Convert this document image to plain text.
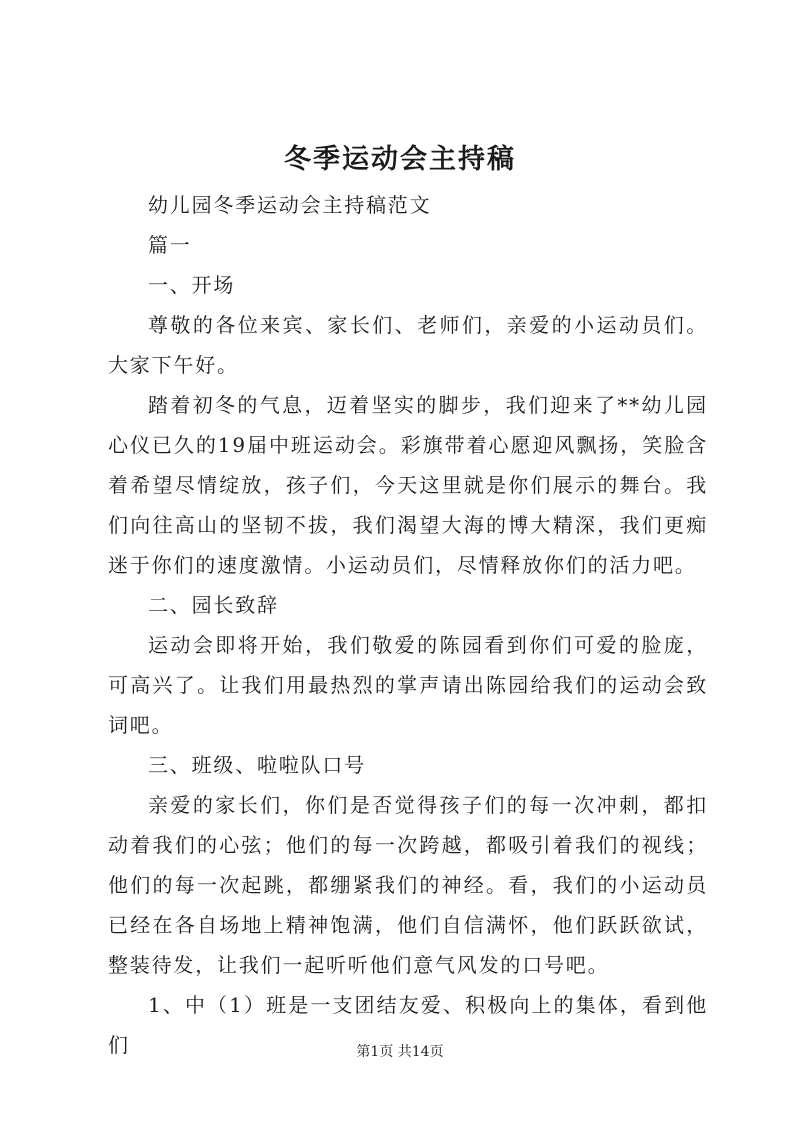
冬季运动会主持稿

幼儿园冬季运动会主持稿范文

篇一

一、开场

尊敬的各位来宾、家长们、老师们，亲爱的小运动员们。大家下午好。

踏着初冬的气息，迈着坚实的脚步，我们迎来了**幼儿园心仪已久的19届中班运动会。彩旗带着心愿迎风飘扬，笑脸含着希望尽情绽放，孩子们，今天这里就是你们展示的舞台。我们向往高山的坚韧不拔，我们渴望大海的博大精深，我们更痴迷于你们的速度激情。小运动员们，尽情释放你们的活力吧。

二、园长致辞

运动会即将开始，我们敬爱的陈园看到你们可爱的脸庞，可高兴了。让我们用最热烈的掌声请出陈园给我们的运动会致词吧。

三、班级、啦啦队口号

亲爱的家长们，你们是否觉得孩子们的每一次冲刺，都扣动着我们的心弦；他们的每一次跨越，都吸引着我们的视线；他们的每一次起跳，都绷紧我们的神经。看，我们的小运动员已经在各自场地上精神饱满，他们自信满怀，他们跃跃欲试，整装待发，让我们一起听听他们意气风发的口号吧。

1、中（1）班是一支团结友爱、积极向上的集体，看到他们	第1页 共14页
